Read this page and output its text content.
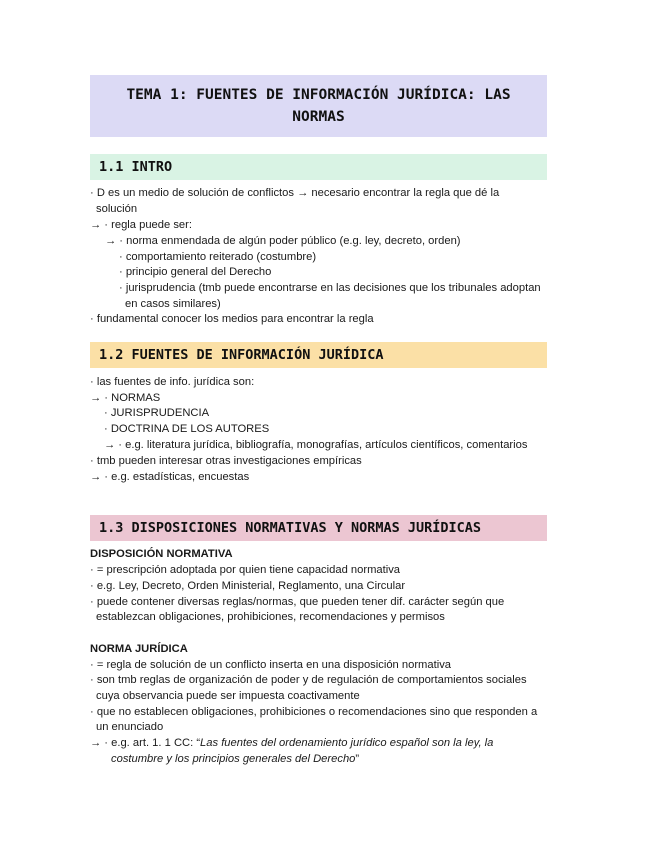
TEMA 1: FUENTES DE INFORMACIÓN JURÍDICA: LAS
NORMAS
1.1 INTRO
· D es un medio de solución de conflictos → necesario encontrar la regla que dé la
solución
→ · regla puede ser:
→ · norma enmendada de algún poder público (e.g. ley, decreto, orden)
· comportamiento reiterado (costumbre)
· principio general del Derecho
· jurisprudencia (tmb puede encontrarse en las decisiones que los tribunales adoptan
en casos similares)
· fundamental conocer los medios para encontrar la regla
1.2 FUENTES DE INFORMACIÓN JURÍDICA
· las fuentes de info. jurídica son:
→ · NORMAS
· JURISPRUDENCIA
· DOCTRINA DE LOS AUTORES
→ · e.g. literatura jurídica, bibliografía, monografías, artículos científicos, comentarios
· tmb pueden interesar otras investigaciones empíricas
→ · e.g. estadísticas, encuestas
1.3 DISPOSICIONES NORMATIVAS Y NORMAS JURÍDICAS
DISPOSICIÓN NORMATIVA
· = prescripción adoptada por quien tiene capacidad normativa
· e.g. Ley, Decreto, Orden Ministerial, Reglamento, una Circular
· puede contener diversas reglas/normas, que pueden tener dif. carácter según que
establezcan obligaciones, prohibiciones, recomendaciones y permisos
NORMA JURÍDICA
· = regla de solución de un conflicto inserta en una disposición normativa
· son tmb reglas de organización de poder y de regulación de comportamientos sociales
cuya observancia puede ser impuesta coactivamente
· que no establecen obligaciones, prohibiciones o recomendaciones sino que responden a
un enunciado
→ · e.g. art. 1. 1 CC: “Las fuentes del ordenamiento jurídico español son la ley, la
costumbre y los principios generales del Derecho”
